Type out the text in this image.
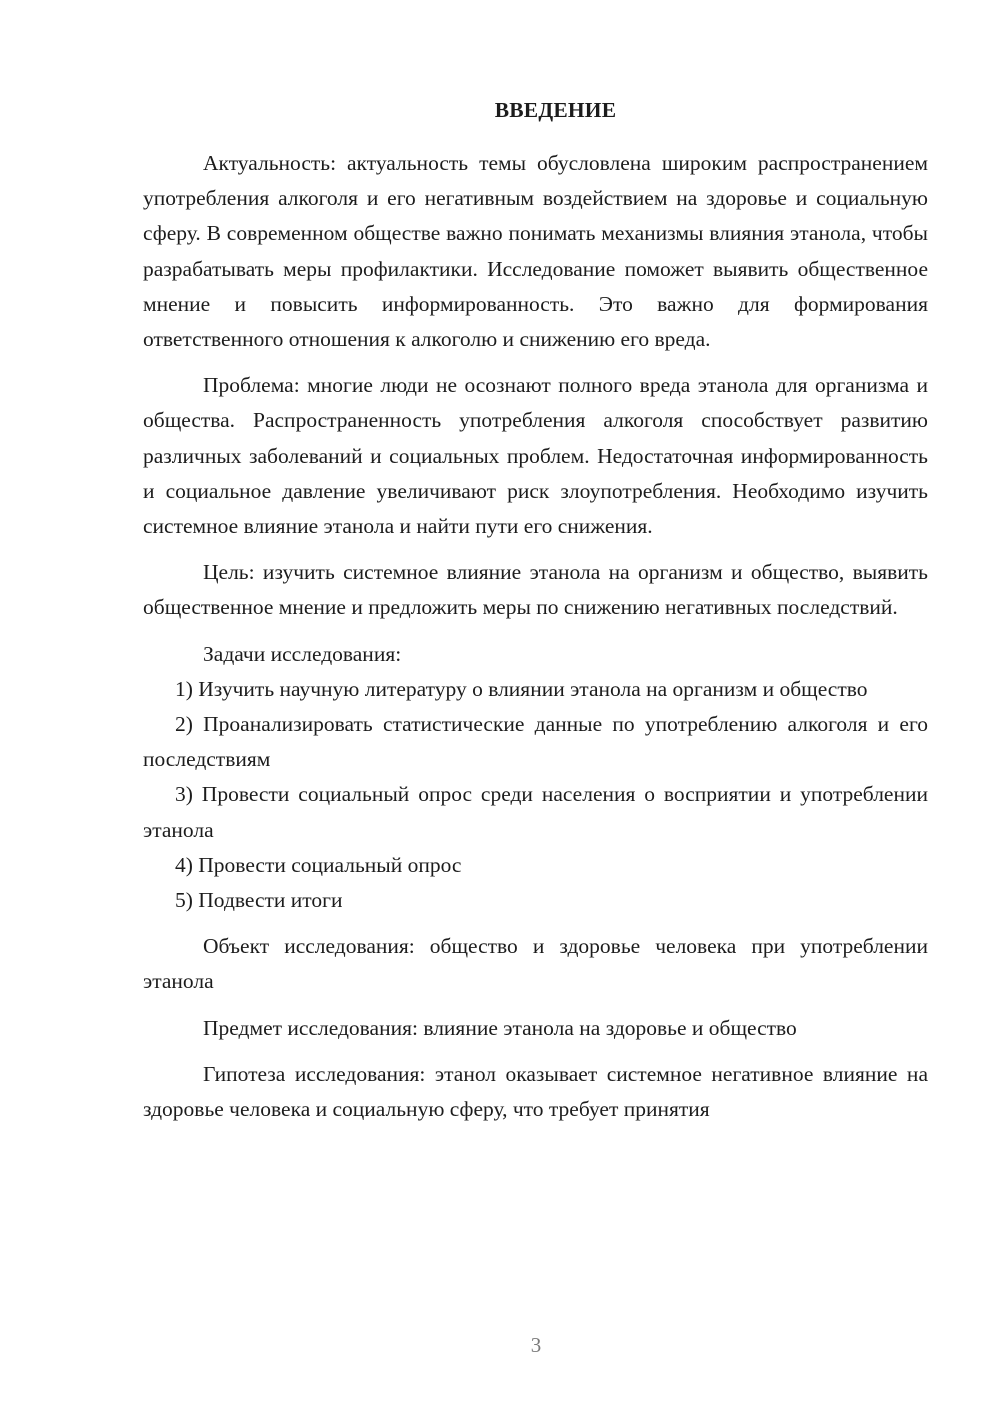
ВВЕДЕНИЕ

Актуальность: актуальность темы обусловлена широким распространением употребления алкоголя и его негативным воздействием на здоровье и социальную сферу. В современном обществе важно понимать механизмы влияния этанола, чтобы разрабатывать меры профилактики. Исследование поможет выявить общественное мнение и повысить информированность. Это важно для формирования ответственного отношения к алкоголю и снижению его вреда.

Проблема: многие люди не осознают полного вреда этанола для организма и общества. Распространенность употребления алкоголя способствует развитию различных заболеваний и социальных проблем. Недостаточная информированность и социальное давление увеличивают риск злоупотребления. Необходимо изучить системное влияние этанола и найти пути его снижения.

Цель: изучить системное влияние этанола на организм и общество, выявить общественное мнение и предложить меры по снижению негативных последствий.

Задачи исследования:

1) Изучить научную литературу о влиянии этанола на организм и общество

2) Проанализировать статистические данные по употреблению алкоголя и его последствиям

3) Провести социальный опрос среди населения о восприятии и употреблении этанола

4) Провести социальный опрос

5) Подвести итоги

Объект исследования: общество и здоровье человека при употреблении этанола

Предмет исследования: влияние этанола на здоровье и общество

Гипотеза исследования: этанол оказывает системное негативное влияние на здоровье человека и социальную сферу, что требует принятия

3
